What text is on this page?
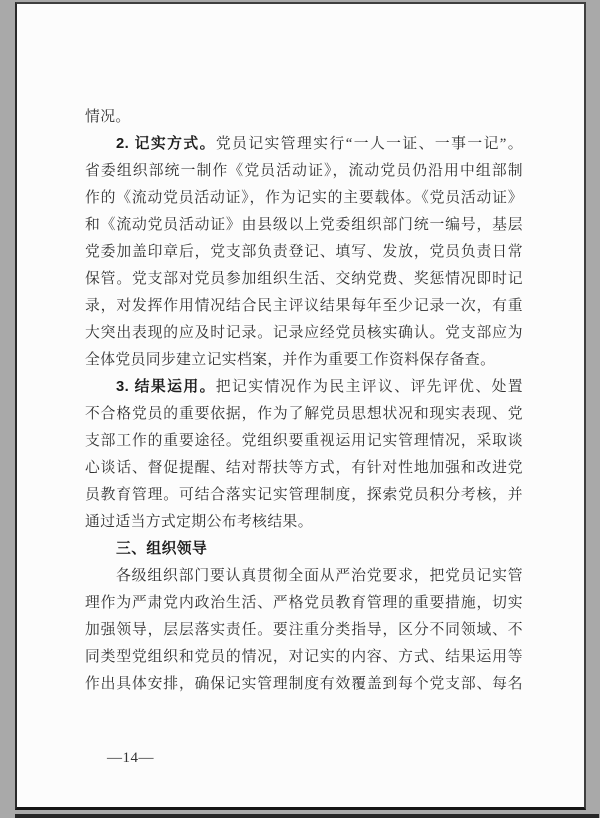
情况。
2. 记实方式。党员记实管理实行“一人一证、一事一记”。
省委组织部统一制作《党员活动证》，流动党员仍沿用中组部制
作的《流动党员活动证》，作为记实的主要载体。《党员活动证》
和《流动党员活动证》由县级以上党委组织部门统一编号，基层
党委加盖印章后，党支部负责登记、填写、发放，党员负责日常
保管。党支部对党员参加组织生活、交纳党费、奖惩情况即时记
录，对发挥作用情况结合民主评议结果每年至少记录一次，有重
大突出表现的应及时记录。记录应经党员核实确认。党支部应为
全体党员同步建立记实档案，并作为重要工作资料保存备查。
3. 结果运用。把记实情况作为民主评议、评先评优、处置
不合格党员的重要依据，作为了解党员思想状况和现实表现、党
支部工作的重要途径。党组织要重视运用记实管理情况，采取谈
心谈话、督促提醒、结对帮扶等方式，有针对性地加强和改进党
员教育管理。可结合落实记实管理制度，探索党员积分考核，并
通过适当方式定期公布考核结果。
三、组织领导
各级组织部门要认真贯彻全面从严治党要求，把党员记实管
理作为严肃党内政治生活、严格党员教育管理的重要措施，切实
加强领导，层层落实责任。要注重分类指导，区分不同领域、不
同类型党组织和党员的情况，对记实的内容、方式、结果运用等
作出具体安排，确保记实管理制度有效覆盖到每个党支部、每名
—14—
